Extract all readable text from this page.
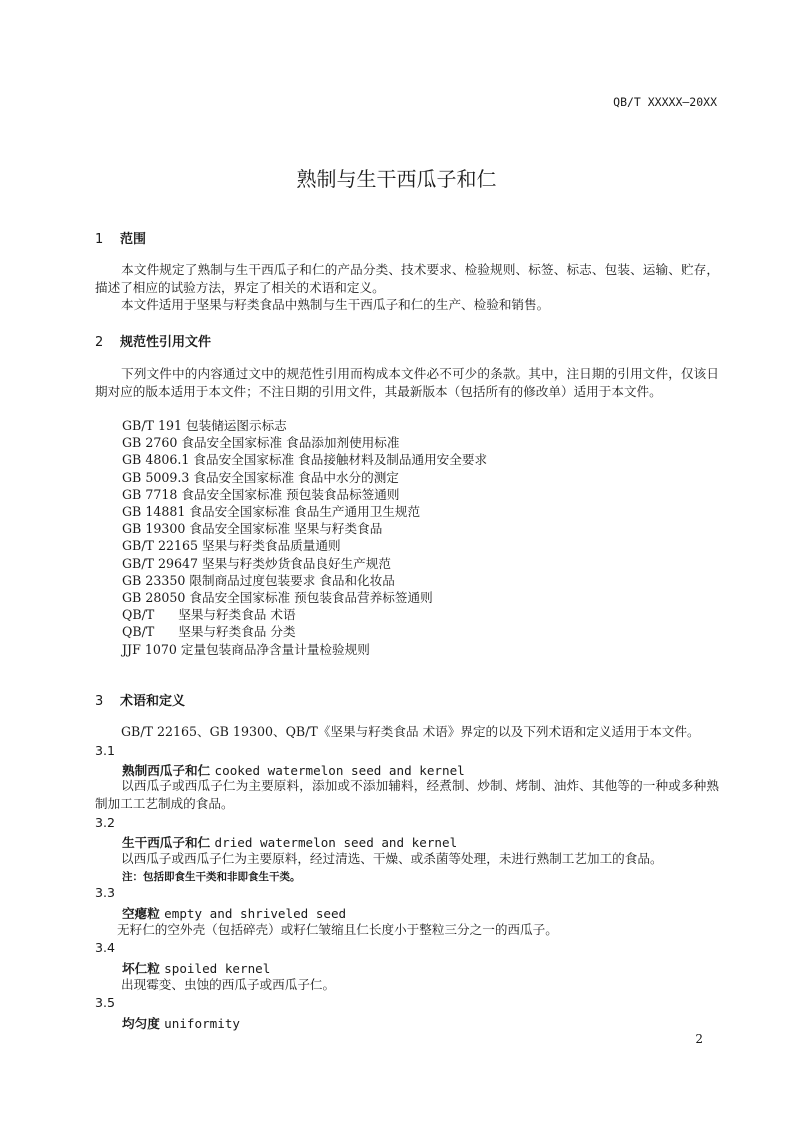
QB/T XXXXX—20XX
熟制与生干西瓜子和仁
1 范围
本文件规定了熟制与生干西瓜子和仁的产品分类、技术要求、检验规则、标签、标志、包装、运输、贮存，描述了相应的试验方法，界定了相关的术语和定义。
本文件适用于坚果与籽类食品中熟制与生干西瓜子和仁的生产、检验和销售。
2 规范性引用文件
下列文件中的内容通过文中的规范性引用而构成本文件必不可少的条款。其中，注日期的引用文件，仅该日期对应的版本适用于本文件；不注日期的引用文件，其最新版本（包括所有的修改单）适用于本文件。
GB/T 191 包装储运图示标志
GB 2760 食品安全国家标准 食品添加剂使用标准
GB 4806.1 食品安全国家标准 食品接触材料及制品通用安全要求
GB 5009.3 食品安全国家标准 食品中水分的测定
GB 7718 食品安全国家标准 预包装食品标签通则
GB 14881 食品安全国家标准 食品生产通用卫生规范
GB 19300 食品安全国家标准 坚果与籽类食品
GB/T 22165 坚果与籽类食品质量通则
GB/T 29647 坚果与籽类炒货食品良好生产规范
GB 23350 限制商品过度包装要求 食品和化妆品
GB 28050 食品安全国家标准 预包装食品营养标签通则
QB/T      坚果与籽类食品 术语
QB/T      坚果与籽类食品 分类
JJF 1070 定量包装商品净含量计量检验规则
3 术语和定义
GB/T 22165、GB 19300、QB/T《坚果与籽类食品 术语》界定的以及下列术语和定义适用于本文件。
3.1
熟制西瓜子和仁 cooked watermelon seed and kernel
以西瓜子或西瓜子仁为主要原料，添加或不添加辅料，经煮制、炒制、烤制、油炸、其他等的一种或多种熟制加工工艺制成的食品。
3.2
生干西瓜子和仁 dried watermelon seed and kernel
以西瓜子或西瓜子仁为主要原料，经过清选、干燥、或杀菌等处理，未进行熟制工艺加工的食品。
注：包括即食生干类和非即食生干类。
3.3
空瘪粒 empty and shriveled seed
无籽仁的空外壳（包括碎壳）或籽仁皱缩且仁长度小于整粒三分之一的西瓜子。
3.4
坏仁粒 spoiled kernel
出现霉变、虫蚀的西瓜子或西瓜子仁。
3.5
均匀度 uniformity
2
